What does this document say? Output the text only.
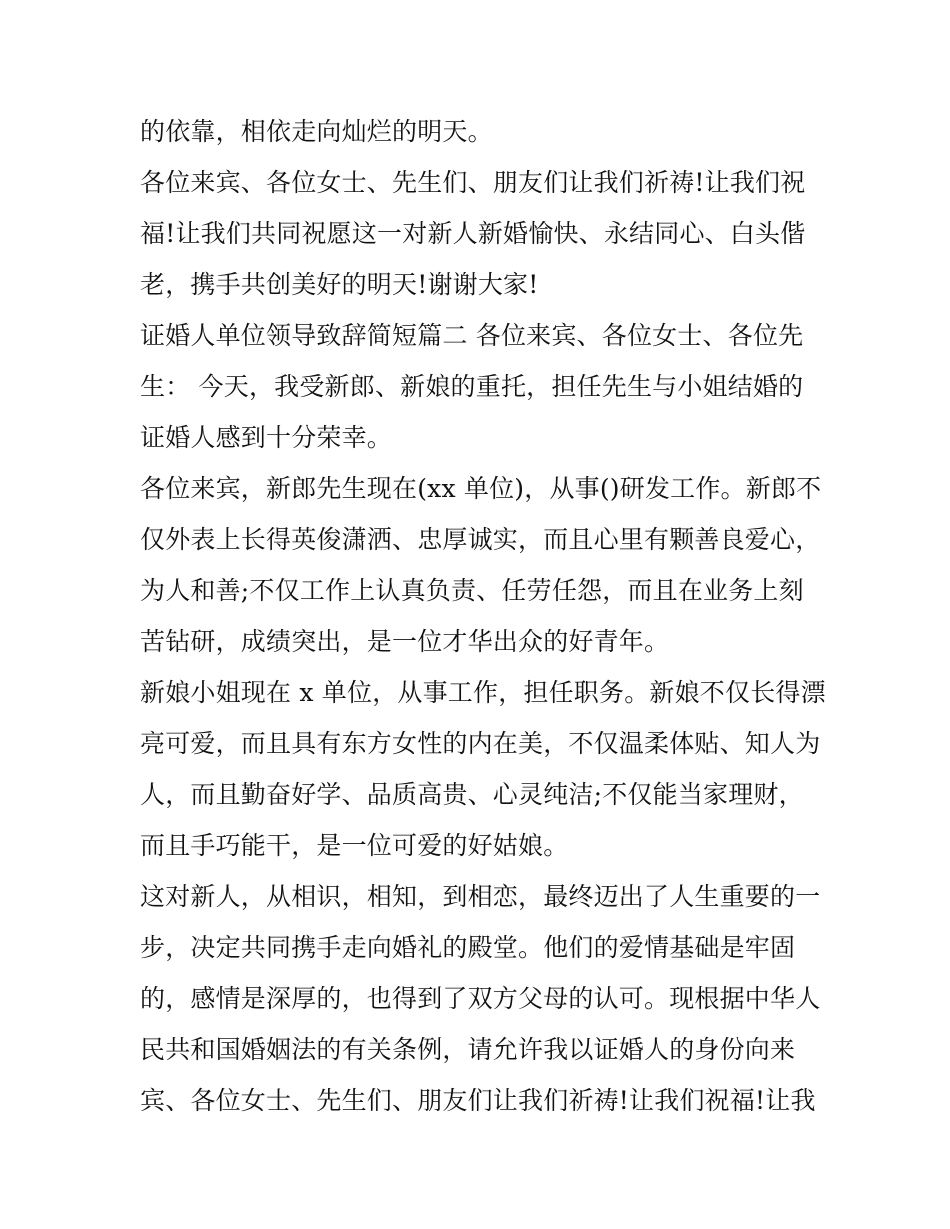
的依靠，相依走向灿烂的明天。
各位来宾、各位女士、先生们、朋友们让我们祈祷!让我们祝
福!让我们共同祝愿这一对新人新婚愉快、永结同心、白头偕
老，携手共创美好的明天!谢谢大家!
证婚人单位领导致辞简短篇二 各位来宾、各位女士、各位先
生： 今天，我受新郎、新娘的重托，担任先生与小姐结婚的
证婚人感到十分荣幸。
各位来宾，新郎先生现在(xx 单位)，从事()研发工作。新郎不
仅外表上长得英俊潇洒、忠厚诚实，而且心里有颗善良爱心，
为人和善;不仅工作上认真负责、任劳任怨，而且在业务上刻
苦钻研，成绩突出，是一位才华出众的好青年。
新娘小姐现在 x 单位，从事工作，担任职务。新娘不仅长得漂
亮可爱，而且具有东方女性的内在美，不仅温柔体贴、知人为
人，而且勤奋好学、品质高贵、心灵纯洁;不仅能当家理财，
而且手巧能干，是一位可爱的好姑娘。
这对新人，从相识，相知，到相恋，最终迈出了人生重要的一
步，决定共同携手走向婚礼的殿堂。他们的爱情基础是牢固
的，感情是深厚的，也得到了双方父母的认可。现根据中华人
民共和国婚姻法的有关条例，请允许我以证婚人的身份向来
宾、各位女士、先生们、朋友们让我们祈祷!让我们祝福!让我
